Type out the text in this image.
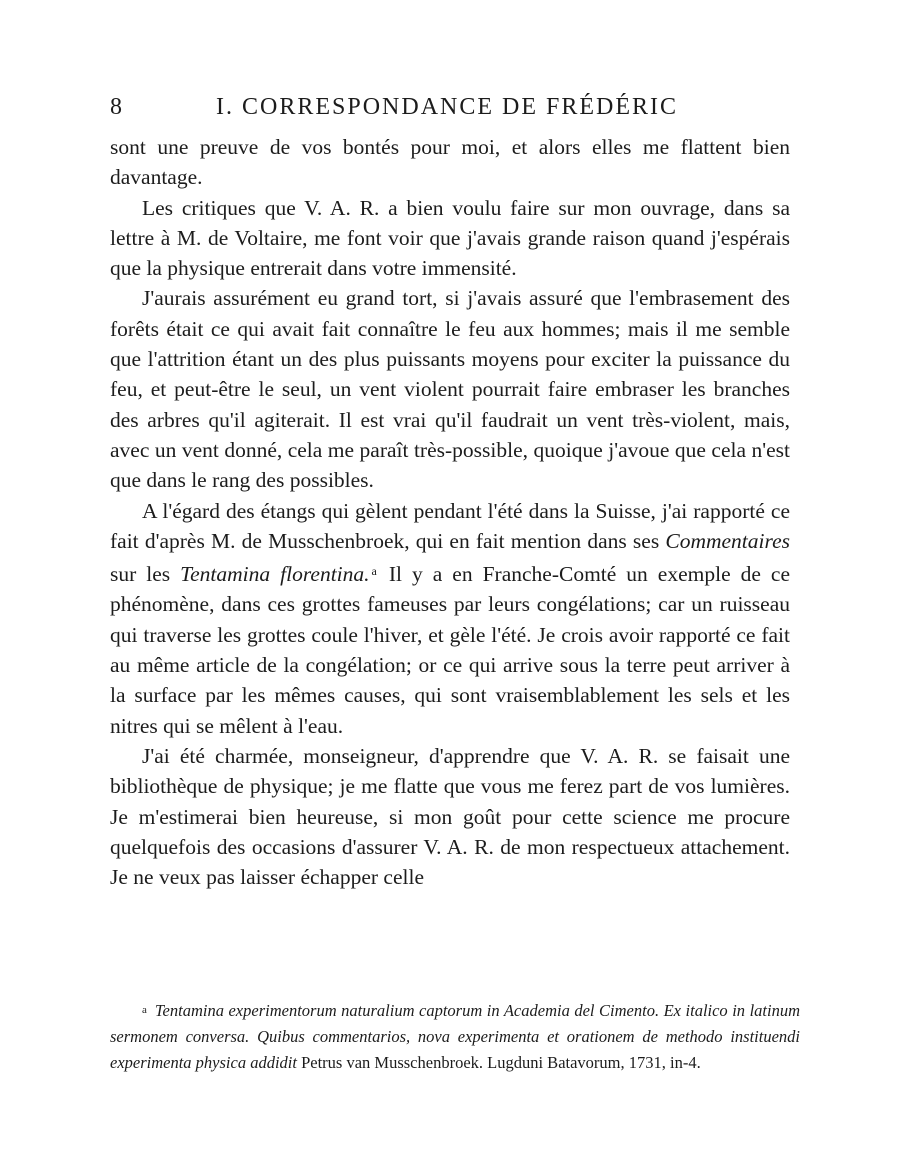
8	I. CORRESPONDANCE DE FRÉDÉRIC

sont une preuve de vos bontés pour moi, et alors elles me flattent bien davantage.

Les critiques que V. A. R. a bien voulu faire sur mon ouvrage, dans sa lettre à M. de Voltaire, me font voir que j'avais grande raison quand j'espérais que la physique entrerait dans votre immensité.

J'aurais assurément eu grand tort, si j'avais assuré que l'embrasement des forêts était ce qui avait fait connaître le feu aux hommes; mais il me semble que l'attrition étant un des plus puissants moyens pour exciter la puissance du feu, et peut-être le seul, un vent violent pourrait faire embraser les branches des arbres qu'il agiterait. Il est vrai qu'il faudrait un vent très-violent, mais, avec un vent donné, cela me paraît très-possible, quoique j'avoue que cela n'est que dans le rang des possibles.

A l'égard des étangs qui gèlent pendant l'été dans la Suisse, j'ai rapporté ce fait d'après M. de Musschenbroek, qui en fait mention dans ses Commentaires sur les Tentamina florentina. $^a$ Il y a en Franche-Comté un exemple de ce phénomène, dans ces grottes fameuses par leurs congélations; car un ruisseau qui traverse les grottes coule l'hiver, et gèle l'été. Je crois avoir rapporté ce fait au même article de la congélation; or ce qui arrive sous la terre peut arriver à la surface par les mêmes causes, qui sont vraisemblablement les sels et les nitres qui se mêlent à l'eau.

J'ai été charmée, monseigneur, d'apprendre que V. A. R. se faisait une bibliothèque de physique; je me flatte que vous me ferez part de vos lumières. Je m'estimerai bien heureuse, si mon goût pour cette science me procure quelquefois des occasions d'assurer V. A. R. de mon respectueux attachement. Je ne veux pas laisser échapper celle

a Tentamina experimentorum naturalium captorum in Academia del Cimento. Ex italico in latinum sermonem conversa. Quibus commentarios, nova experimenta et orationem de methodo instituendi experimenta physica addidit Petrus van Musschenbroek. Lugduni Batavorum, 1731, in-4.
